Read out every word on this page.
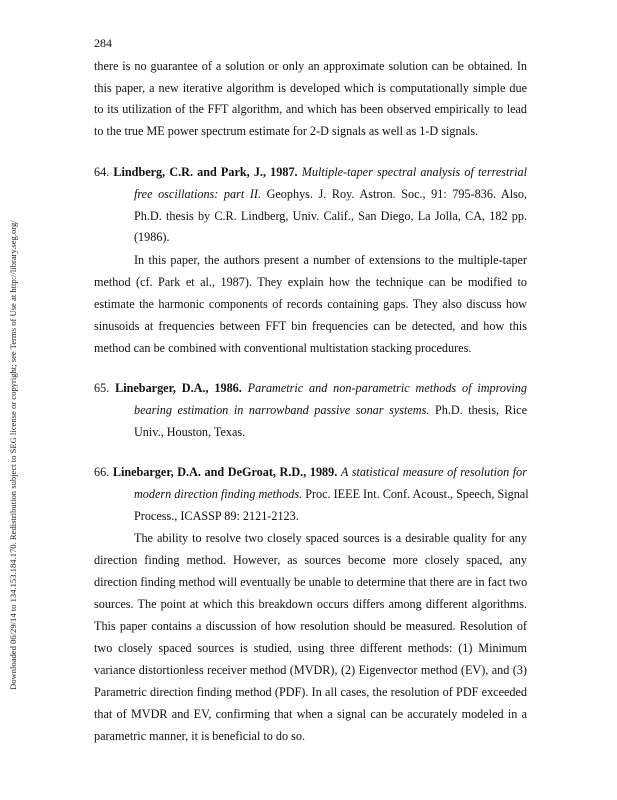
Downloaded 06/29/14 to 134.153.184.170. Redistribution subject to SEG license or copyright; see Terms of Use at http://library.seg.org/
284
there is no guarantee of a solution or only an approximate solution can be obtained. In
this paper, a new iterative algorithm is developed which is computationally simple due
to its utilization of the FFT algorithm, and which has been observed empirically to lead
to the true ME power spectrum estimate for 2-D signals as well as 1-D signals.
64. Lindberg, C.R. and Park, J., 1987. Multiple-taper spectral analysis of terrestrial
free oscillations: part II. Geophys. J. Roy. Astron. Soc., 91: 795-836. Also,
Ph.D. thesis by C.R. Lindberg, Univ. Calif., San Diego, La Jolla, CA, 182 pp.
(1986).
In this paper, the authors present a number of extensions to the multiple-taper
method (cf. Park et al., 1987). They explain how the technique can be modified to
estimate the harmonic components of records containing gaps. They also discuss how
sinusoids at frequencies between FFT bin frequencies can be detected, and how this
method can be combined with conventional multistation stacking procedures.
65. Linebarger, D.A., 1986. Parametric and non-parametric methods of improving
bearing estimation in narrowband passive sonar systems. Ph.D. thesis, Rice
Univ., Houston, Texas.
66. Linebarger, D.A. and DeGroat, R.D., 1989. A statistical measure of resolution for
modern direction finding methods. Proc. IEEE Int. Conf. Acoust., Speech, Signal
Process., ICASSP 89: 2121-2123.
The ability to resolve two closely spaced sources is a desirable quality for any
direction finding method. However, as sources become more closely spaced, any
direction finding method will eventually be unable to determine that there are in fact two
sources. The point at which this breakdown occurs differs among different algorithms.
This paper contains a discussion of how resolution should be measured. Resolution of
two closely spaced sources is studied, using three different methods: (1) Minimum
variance distortionless receiver method (MVDR), (2) Eigenvector method (EV), and (3)
Parametric direction finding method (PDF). In all cases, the resolution of PDF exceeded
that of MVDR and EV, confirming that when a signal can be accurately modeled in a
parametric manner, it is beneficial to do so.
